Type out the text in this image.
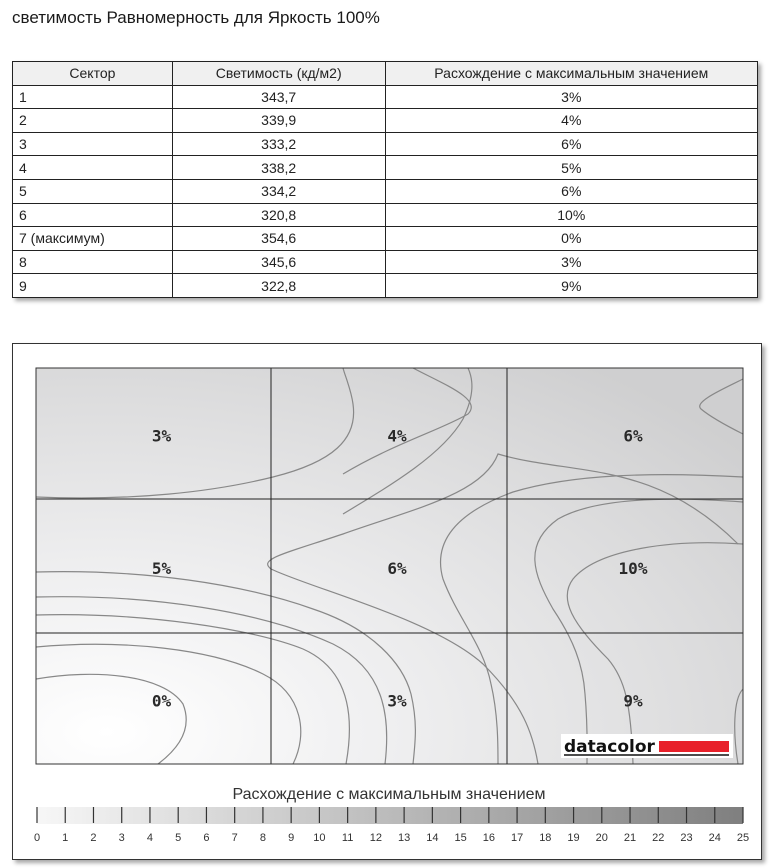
светимость Равномерность для Яркость 100%
Сектор	Светимость (кд/м2)	Расхождение с максимальным значением
1	343,7	3%
2	339,9	4%
3	333,2	6%
4	338,2	5%
5	334,2	6%
6	320,8	10%
7 (максимум)	354,6	0%
8	345,6	3%
9	322,8	9%
3%	4%	6%
5%	6%	10%
0%	3%	9%
datacolor
Расхождение с максимальным значением
0 1 2 3 4 5 6 7 8 9 10 11 12 13 14 15 16 17 18 19 20 21 22 23 24 25
